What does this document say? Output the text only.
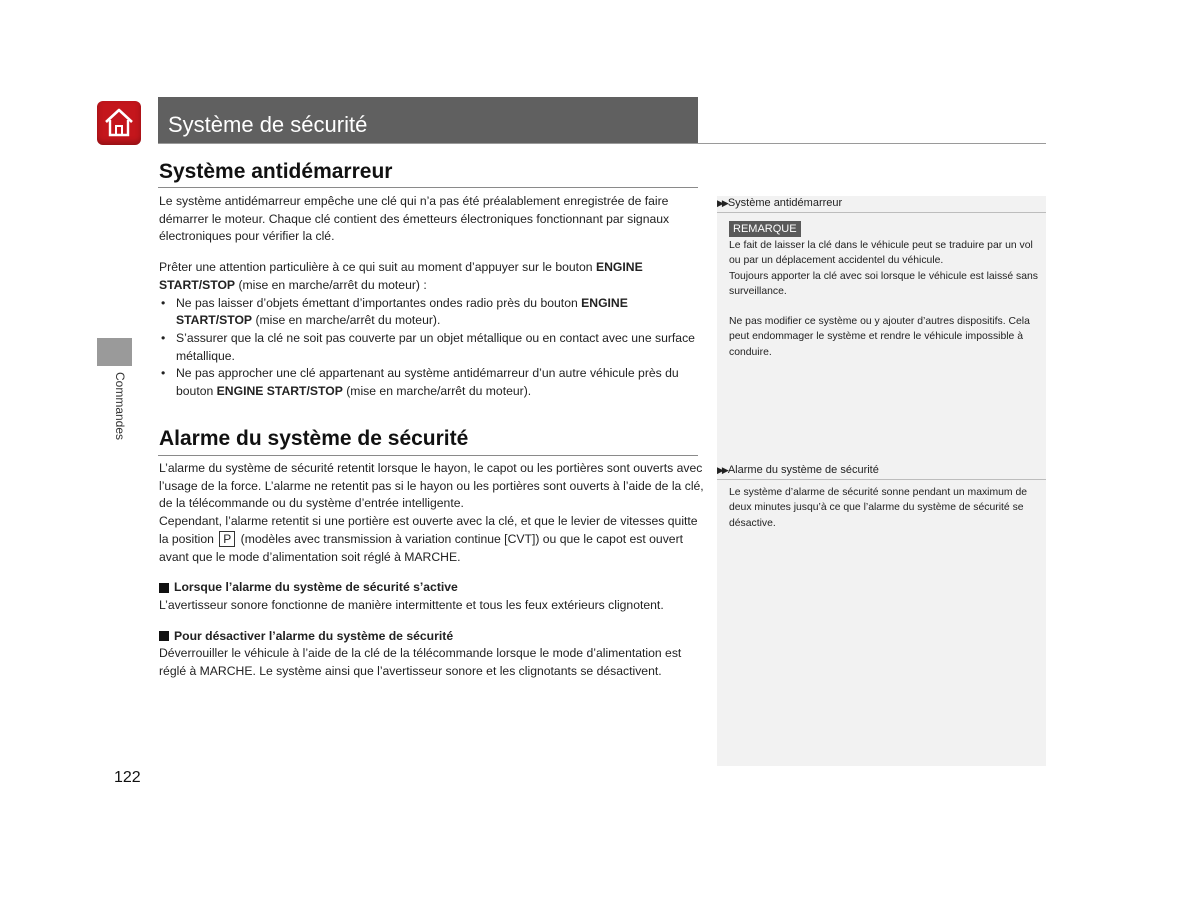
Système de sécurité
Commandes
Système antidémarreur

Le système antidémarreur empêche une clé qui n’a pas été préalablement enregistrée de faire démarrer le moteur. Chaque clé contient des émetteurs électroniques fonctionnant par signaux électroniques pour vérifier la clé.

Prêter une attention particulière à ce qui suit au moment d’appuyer sur le bouton ENGINE START/STOP (mise en marche/arrêt du moteur) :

• Ne pas laisser d’objets émettant d’importantes ondes radio près du bouton ENGINE START/STOP (mise en marche/arrêt du moteur).
• S’assurer que la clé ne soit pas couverte par un objet métallique ou en contact avec une surface métallique.
• Ne pas approcher une clé appartenant au système antidémarreur d’un autre véhicule près du bouton ENGINE START/STOP (mise en marche/arrêt du moteur).
Alarme du système de sécurité

L’alarme du système de sécurité retentit lorsque le hayon, le capot ou les portières sont ouverts avec l’usage de la force. L’alarme ne retentit pas si le hayon ou les portières sont ouverts à l’aide de la clé, de la télécommande ou du système d’entrée intelligente.

Cependant, l’alarme retentit si une portière est ouverte avec la clé, et que le levier de vitesses quitte la position P (modèles avec transmission à variation continue [CVT]) ou que le capot est ouvert avant que le mode d’alimentation soit réglé à MARCHE.

Lorsque l’alarme du système de sécurité s’active

L’avertisseur sonore fonctionne de manière intermittente et tous les feux extérieurs clignotent.

Pour désactiver l’alarme du système de sécurité

Déverrouiller le véhicule à l’aide de la clé de la télécommande lorsque le mode d’alimentation est réglé à MARCHE. Le système ainsi que l’avertisseur sonore et les clignotants se désactivent.

▶▶ Système antidémarreur
REMARQUE

Le fait de laisser la clé dans le véhicule peut se traduire par un vol ou par un déplacement accidentel du véhicule.

Toujours apporter la clé avec soi lorsque le véhicule est laissé sans surveillance.

Ne pas modifier ce système ou y ajouter d’autres dispositifs. Cela peut endommager le système et rendre le véhicule impossible à conduire.

▶▶ Alarme du système de sécurité

Le système d’alarme de sécurité sonne pendant un maximum de deux minutes jusqu’à ce que l’alarme du système de sécurité se désactive.

122
